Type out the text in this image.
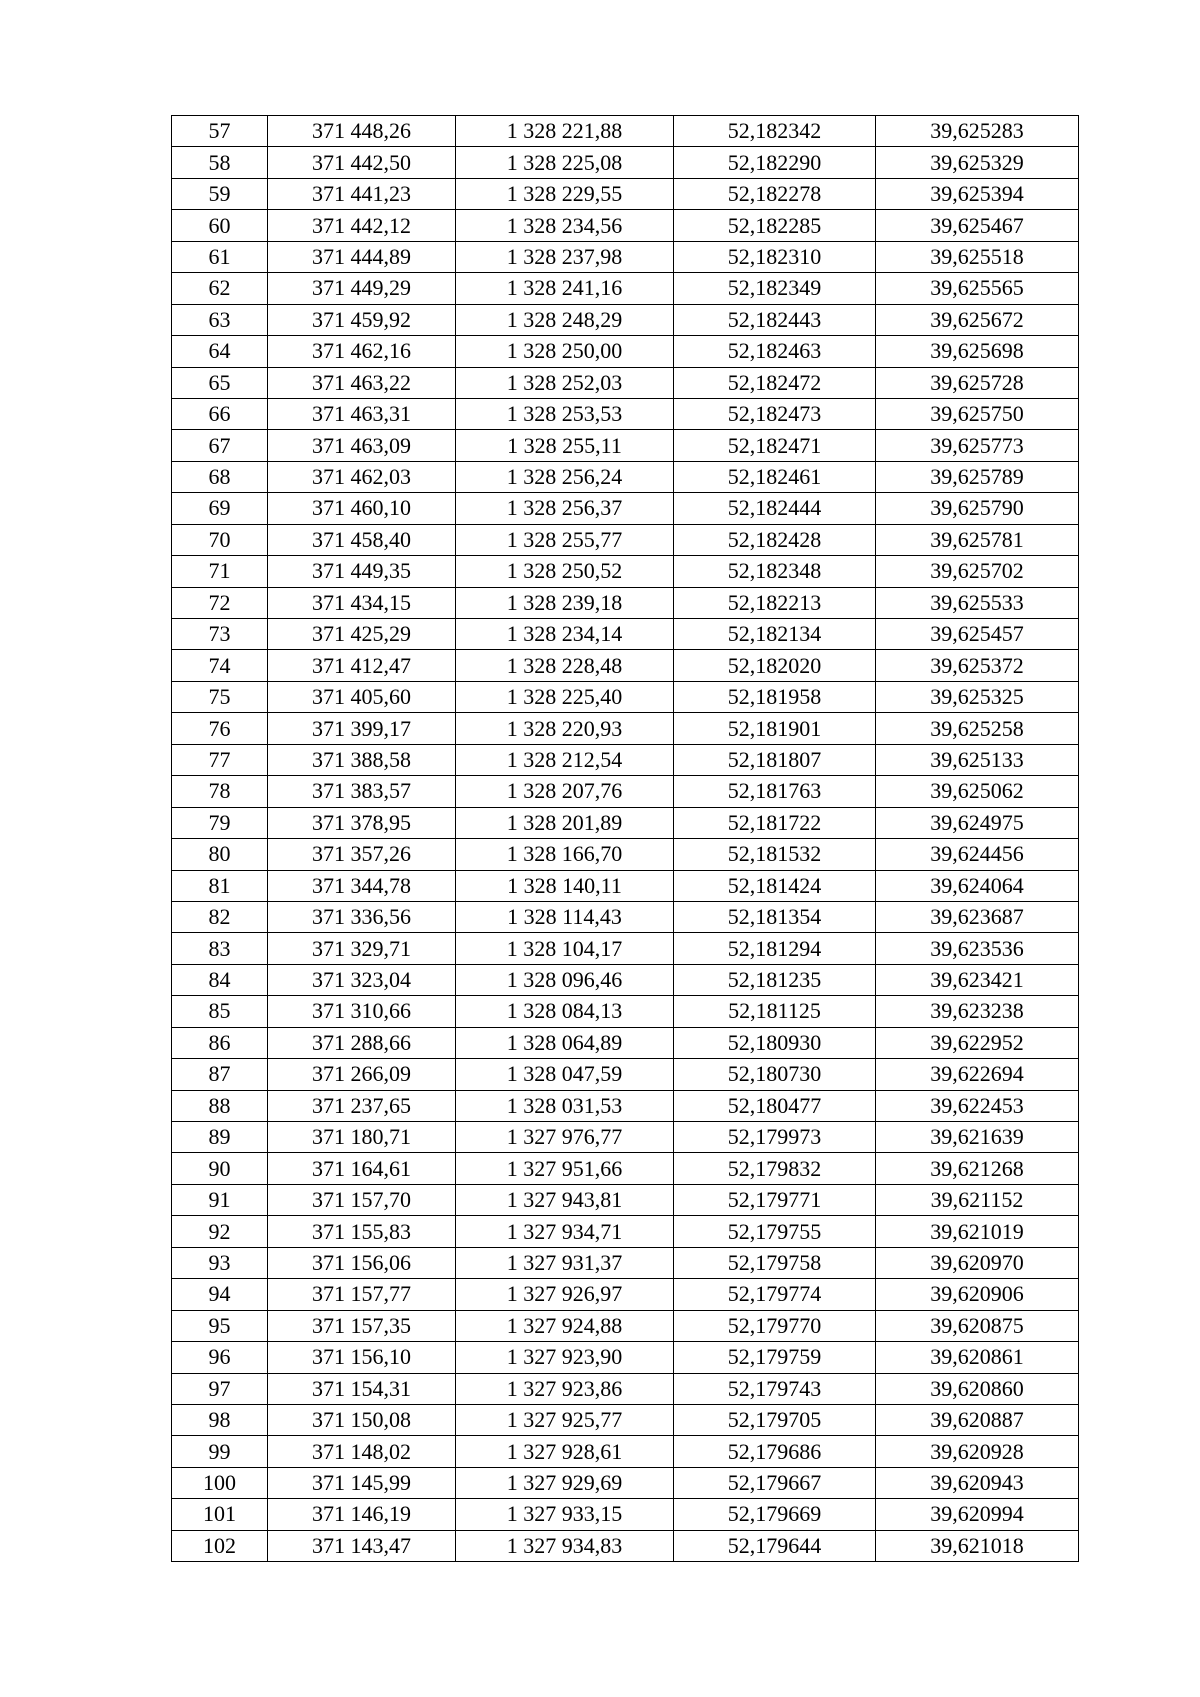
57	371 448,26	1 328 221,88	52,182342	39,625283
58	371 442,50	1 328 225,08	52,182290	39,625329
59	371 441,23	1 328 229,55	52,182278	39,625394
60	371 442,12	1 328 234,56	52,182285	39,625467
61	371 444,89	1 328 237,98	52,182310	39,625518
62	371 449,29	1 328 241,16	52,182349	39,625565
63	371 459,92	1 328 248,29	52,182443	39,625672
64	371 462,16	1 328 250,00	52,182463	39,625698
65	371 463,22	1 328 252,03	52,182472	39,625728
66	371 463,31	1 328 253,53	52,182473	39,625750
67	371 463,09	1 328 255,11	52,182471	39,625773
68	371 462,03	1 328 256,24	52,182461	39,625789
69	371 460,10	1 328 256,37	52,182444	39,625790
70	371 458,40	1 328 255,77	52,182428	39,625781
71	371 449,35	1 328 250,52	52,182348	39,625702
72	371 434,15	1 328 239,18	52,182213	39,625533
73	371 425,29	1 328 234,14	52,182134	39,625457
74	371 412,47	1 328 228,48	52,182020	39,625372
75	371 405,60	1 328 225,40	52,181958	39,625325
76	371 399,17	1 328 220,93	52,181901	39,625258
77	371 388,58	1 328 212,54	52,181807	39,625133
78	371 383,57	1 328 207,76	52,181763	39,625062
79	371 378,95	1 328 201,89	52,181722	39,624975
80	371 357,26	1 328 166,70	52,181532	39,624456
81	371 344,78	1 328 140,11	52,181424	39,624064
82	371 336,56	1 328 114,43	52,181354	39,623687
83	371 329,71	1 328 104,17	52,181294	39,623536
84	371 323,04	1 328 096,46	52,181235	39,623421
85	371 310,66	1 328 084,13	52,181125	39,623238
86	371 288,66	1 328 064,89	52,180930	39,622952
87	371 266,09	1 328 047,59	52,180730	39,622694
88	371 237,65	1 328 031,53	52,180477	39,622453
89	371 180,71	1 327 976,77	52,179973	39,621639
90	371 164,61	1 327 951,66	52,179832	39,621268
91	371 157,70	1 327 943,81	52,179771	39,621152
92	371 155,83	1 327 934,71	52,179755	39,621019
93	371 156,06	1 327 931,37	52,179758	39,620970
94	371 157,77	1 327 926,97	52,179774	39,620906
95	371 157,35	1 327 924,88	52,179770	39,620875
96	371 156,10	1 327 923,90	52,179759	39,620861
97	371 154,31	1 327 923,86	52,179743	39,620860
98	371 150,08	1 327 925,77	52,179705	39,620887
99	371 148,02	1 327 928,61	52,179686	39,620928
100	371 145,99	1 327 929,69	52,179667	39,620943
101	371 146,19	1 327 933,15	52,179669	39,620994
102	371 143,47	1 327 934,83	52,179644	39,621018
